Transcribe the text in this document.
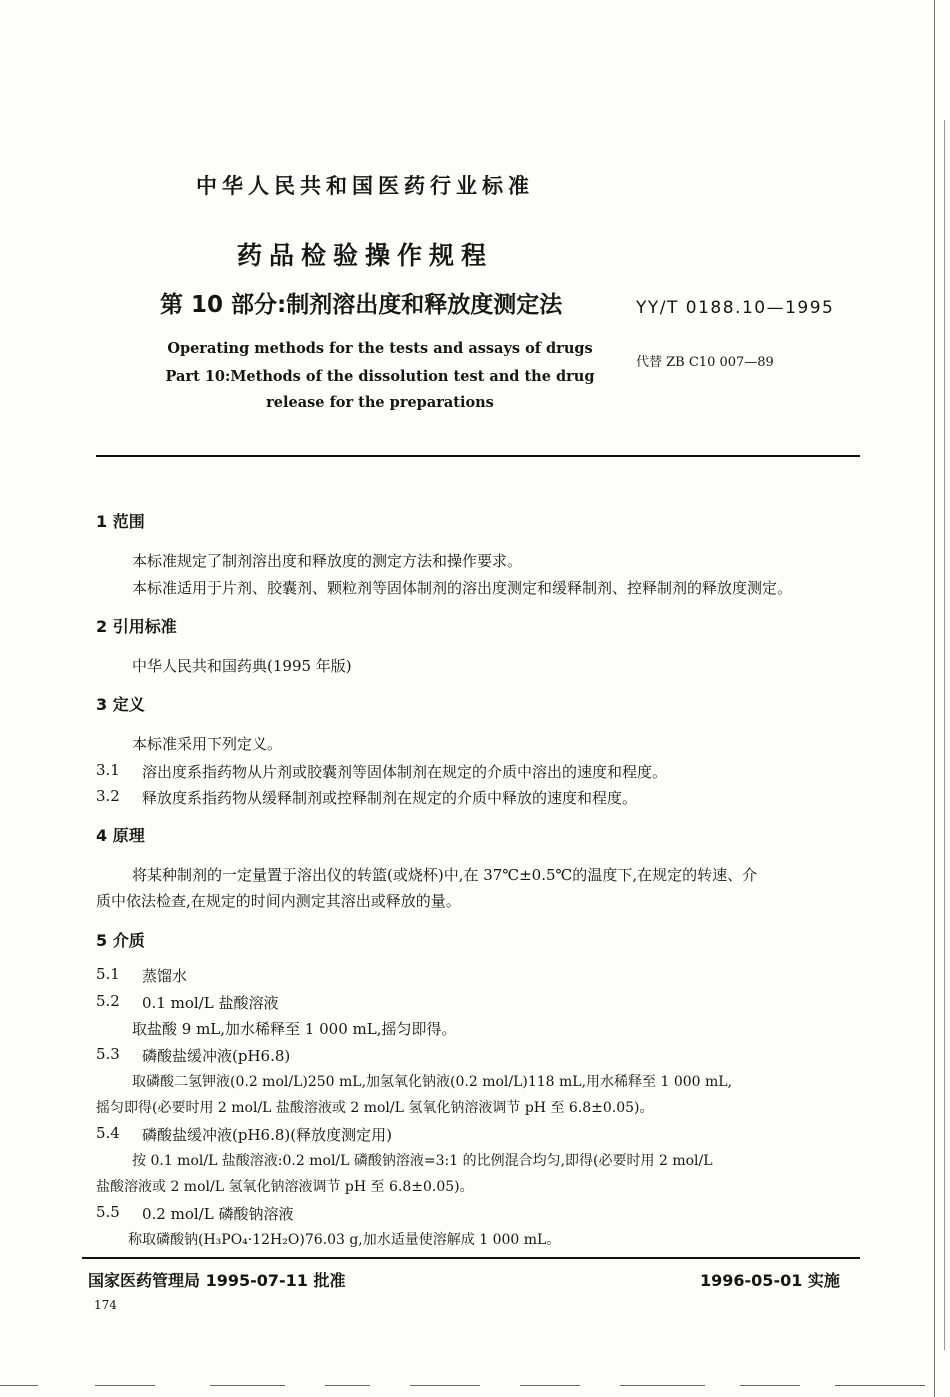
中华人民共和国医药行业标准
药品检验操作规程
第 10 部分:制剂溶出度和释放度测定法	YY/T 0188.10—1995
Operating methods for the tests and assays of drugs
Part 10:Methods of the dissolution test and the drug
release for the preparations
代替 ZB C10 007—89
1 范围
本标准规定了制剂溶出度和释放度的测定方法和操作要求。
本标准适用于片剂、胶囊剂、颗粒剂等固体制剂的溶出度测定和缓释制剂、控释制剂的释放度测定。
2 引用标准
中华人民共和国药典(1995 年版)
3 定义
本标准采用下列定义。
3.1 溶出度系指药物从片剂或胶囊剂等固体制剂在规定的介质中溶出的速度和程度。
3.2 释放度系指药物从缓释制剂或控释制剂在规定的介质中释放的速度和程度。
4 原理
将某种制剂的一定量置于溶出仪的转篮(或烧杯)中,在 37℃±0.5℃的温度下,在规定的转速、介
质中依法检查,在规定的时间内测定其溶出或释放的量。
5 介质
5.1 蒸馏水
5.2 0.1 mol/L 盐酸溶液
取盐酸 9 mL,加水稀释至 1 000 mL,摇匀即得。
5.3 磷酸盐缓冲液(pH6.8)
取磷酸二氢钾液(0.2 mol/L)250 mL,加氢氧化钠液(0.2 mol/L)118 mL,用水稀释至 1 000 mL,
摇匀即得(必要时用 2 mol/L 盐酸溶液或 2 mol/L 氢氧化钠溶液调节 pH 至 6.8±0.05)。
5.4 磷酸盐缓冲液(pH6.8)(释放度测定用)
按 0.1 mol/L 盐酸溶液:0.2 mol/L 磷酸钠溶液=3:1 的比例混合均匀,即得(必要时用 2 mol/L
盐酸溶液或 2 mol/L 氢氧化钠溶液调节 pH 至 6.8±0.05)。
5.5 0.2 mol/L 磷酸钠溶液
称取磷酸钠(H₃PO₄·12H₂O)76.03 g,加水适量使溶解成 1 000 mL。
国家医药管理局 1995-07-11 批准	1996-05-01 实施
174
